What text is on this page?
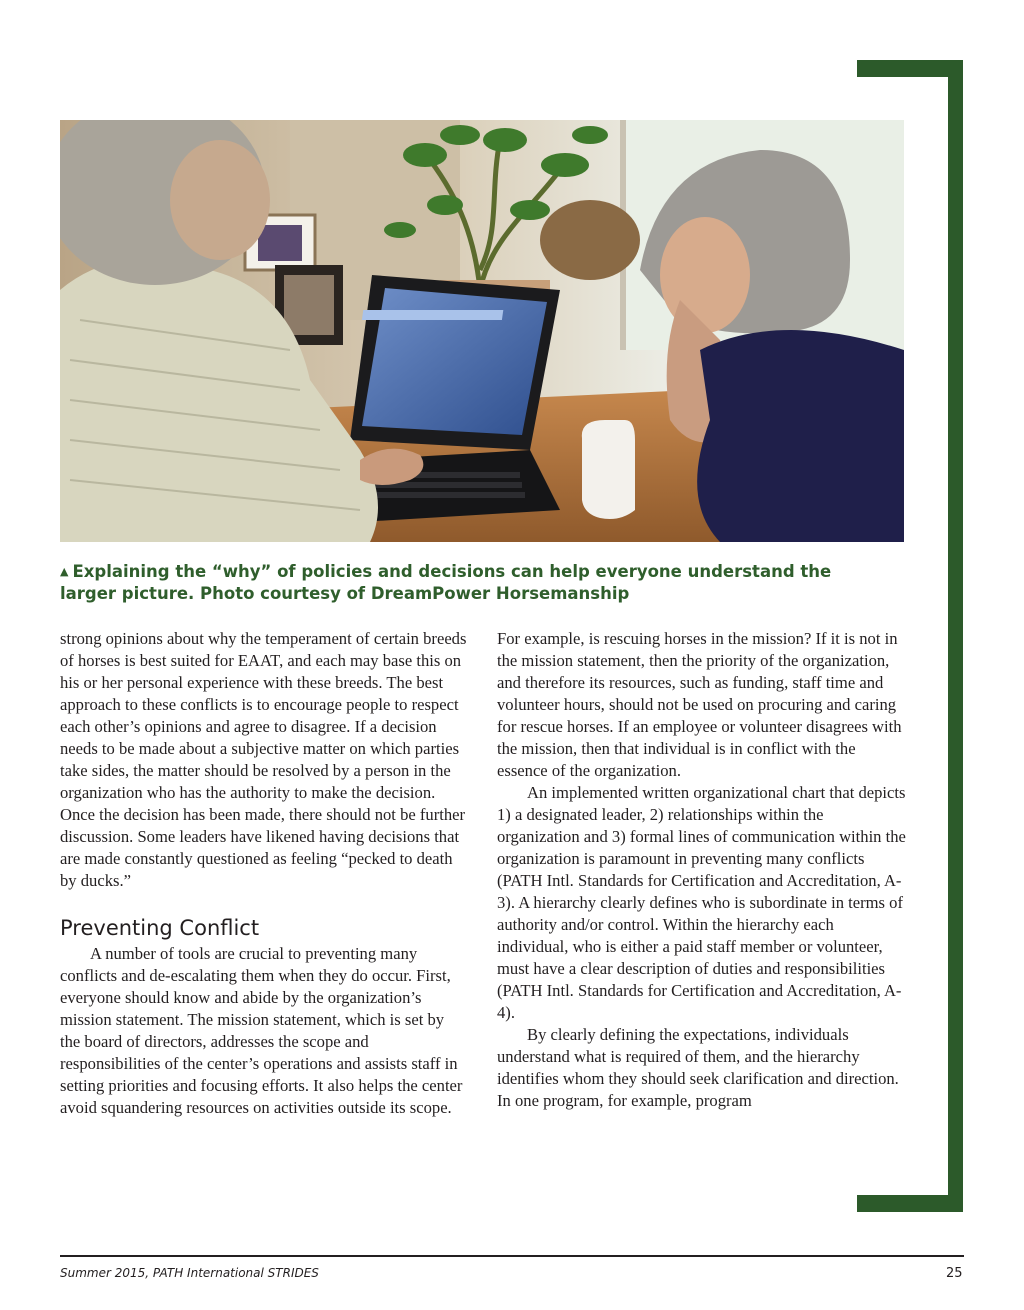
▲ Explaining the “why” of policies and decisions can help everyone understand the larger picture. Photo courtesy of DreamPower Horsemanship

strong opinions about why the temperament of certain breeds of horses is best suited for EAAT, and each may base this on his or her personal experience with these breeds. The best approach to these conflicts is to encourage people to respect each other’s opinions and agree to disagree. If a decision needs to be made about a subjective matter on which parties take sides, the matter should be resolved by a person in the organization who has the authority to make the decision. Once the decision has been made, there should not be further discussion. Some leaders have likened having decisions that are made constantly questioned as feeling “pecked to death by ducks.”

Preventing Conflict

A number of tools are crucial to preventing many conflicts and de-escalating them when they do occur. First, everyone should know and abide by the organization’s mission statement. The mission statement, which is set by the board of directors, addresses the scope and responsibilities of the center’s operations and assists staff in setting priorities and focusing efforts. It also helps the center avoid squandering resources on activities outside its scope.

For example, is rescuing horses in the mission? If it is not in the mission statement, then the priority of the organization, and therefore its resources, such as funding, staff time and volunteer hours, should not be used on procuring and caring for rescue horses. If an employee or volunteer disagrees with the mission, then that individual is in conflict with the essence of the organization.

An implemented written organizational chart that depicts 1) a designated leader, 2) relationships within the organization and 3) formal lines of communication within the organization is paramount in preventing many conflicts (PATH Intl. Standards for Certification and Accreditation, A-3). A hierarchy clearly defines who is subordinate in terms of authority and/or control. Within the hierarchy each individual, who is either a paid staff member or volunteer, must have a clear description of duties and responsibilities (PATH Intl. Standards for Certification and Accreditation, A-4).

By clearly defining the expectations, individuals understand what is required of them, and the hierarchy identifies whom they should seek clarification and direction. In one program, for example, program

Summer 2015, PATH International STRIDES	25
